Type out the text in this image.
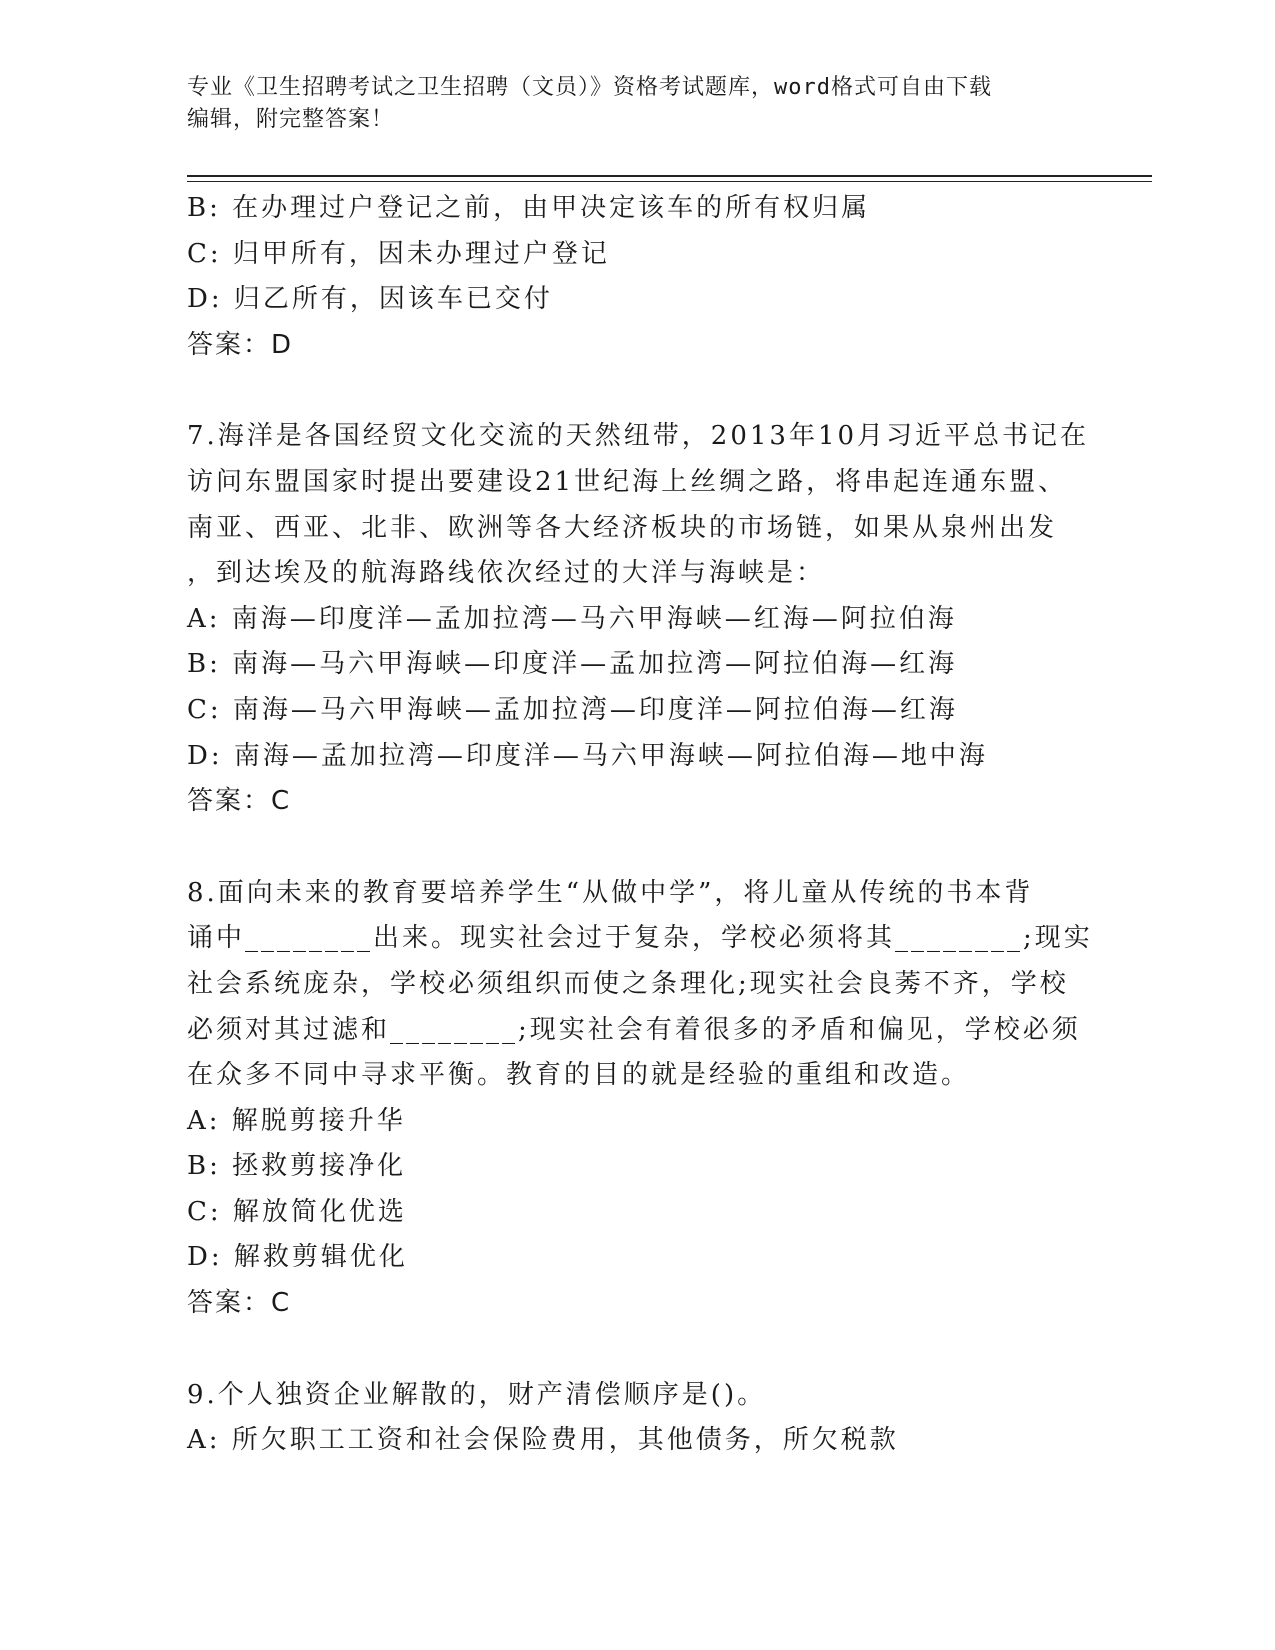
专业《卫生招聘考试之卫生招聘（文员）》资格考试题库，word格式可自由下载
编辑，附完整答案！
B: 在办理过户登记之前，由甲决定该车的所有权归属
C: 归甲所有，因未办理过户登记
D: 归乙所有，因该车已交付
答案：D
7.海洋是各国经贸文化交流的天然纽带，2013年10月习近平总书记在
访问东盟国家时提出要建设21世纪海上丝绸之路，将串起连通东盟、
南亚、西亚、北非、欧洲等各大经济板块的市场链，如果从泉州出发
，到达埃及的航海路线依次经过的大洋与海峡是：
A: 南海—印度洋—孟加拉湾—马六甲海峡—红海—阿拉伯海
B: 南海—马六甲海峡—印度洋—孟加拉湾—阿拉伯海—红海
C: 南海—马六甲海峡—孟加拉湾—印度洋—阿拉伯海—红海
D: 南海—孟加拉湾—印度洋—马六甲海峡—阿拉伯海—地中海
答案：C
8.面向未来的教育要培养学生“从做中学”，将儿童从传统的书本背
诵中________出来。现实社会过于复杂，学校必须将其________;现实
社会系统庞杂，学校必须组织而使之条理化;现实社会良莠不齐，学校
必须对其过滤和________;现实社会有着很多的矛盾和偏见，学校必须
在众多不同中寻求平衡。教育的目的就是经验的重组和改造。
A: 解脱剪接升华
B: 拯救剪接净化
C: 解放简化优选
D: 解救剪辑优化
答案：C
9.个人独资企业解散的，财产清偿顺序是()。
A: 所欠职工工资和社会保险费用，其他债务，所欠税款
